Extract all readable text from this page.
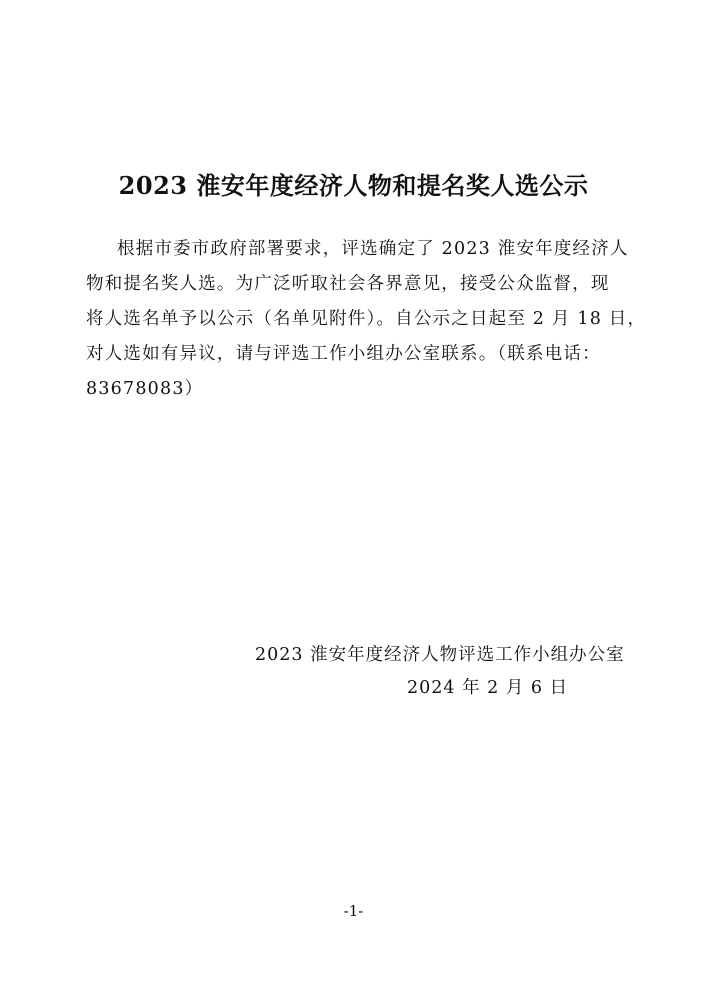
2023 淮安年度经济人物和提名奖人选公示
根据市委市政府部署要求，评选确定了 2023 淮安年度经济人
物和提名奖人选。为广泛听取社会各界意见，接受公众监督，现
将人选名单予以公示（名单见附件）。自公示之日起至 2 月 18 日，
对人选如有异议，请与评选工作小组办公室联系。（联系电话：
83678083）
2023 淮安年度经济人物评选工作小组办公室
2024 年 2 月 6 日
-1-
